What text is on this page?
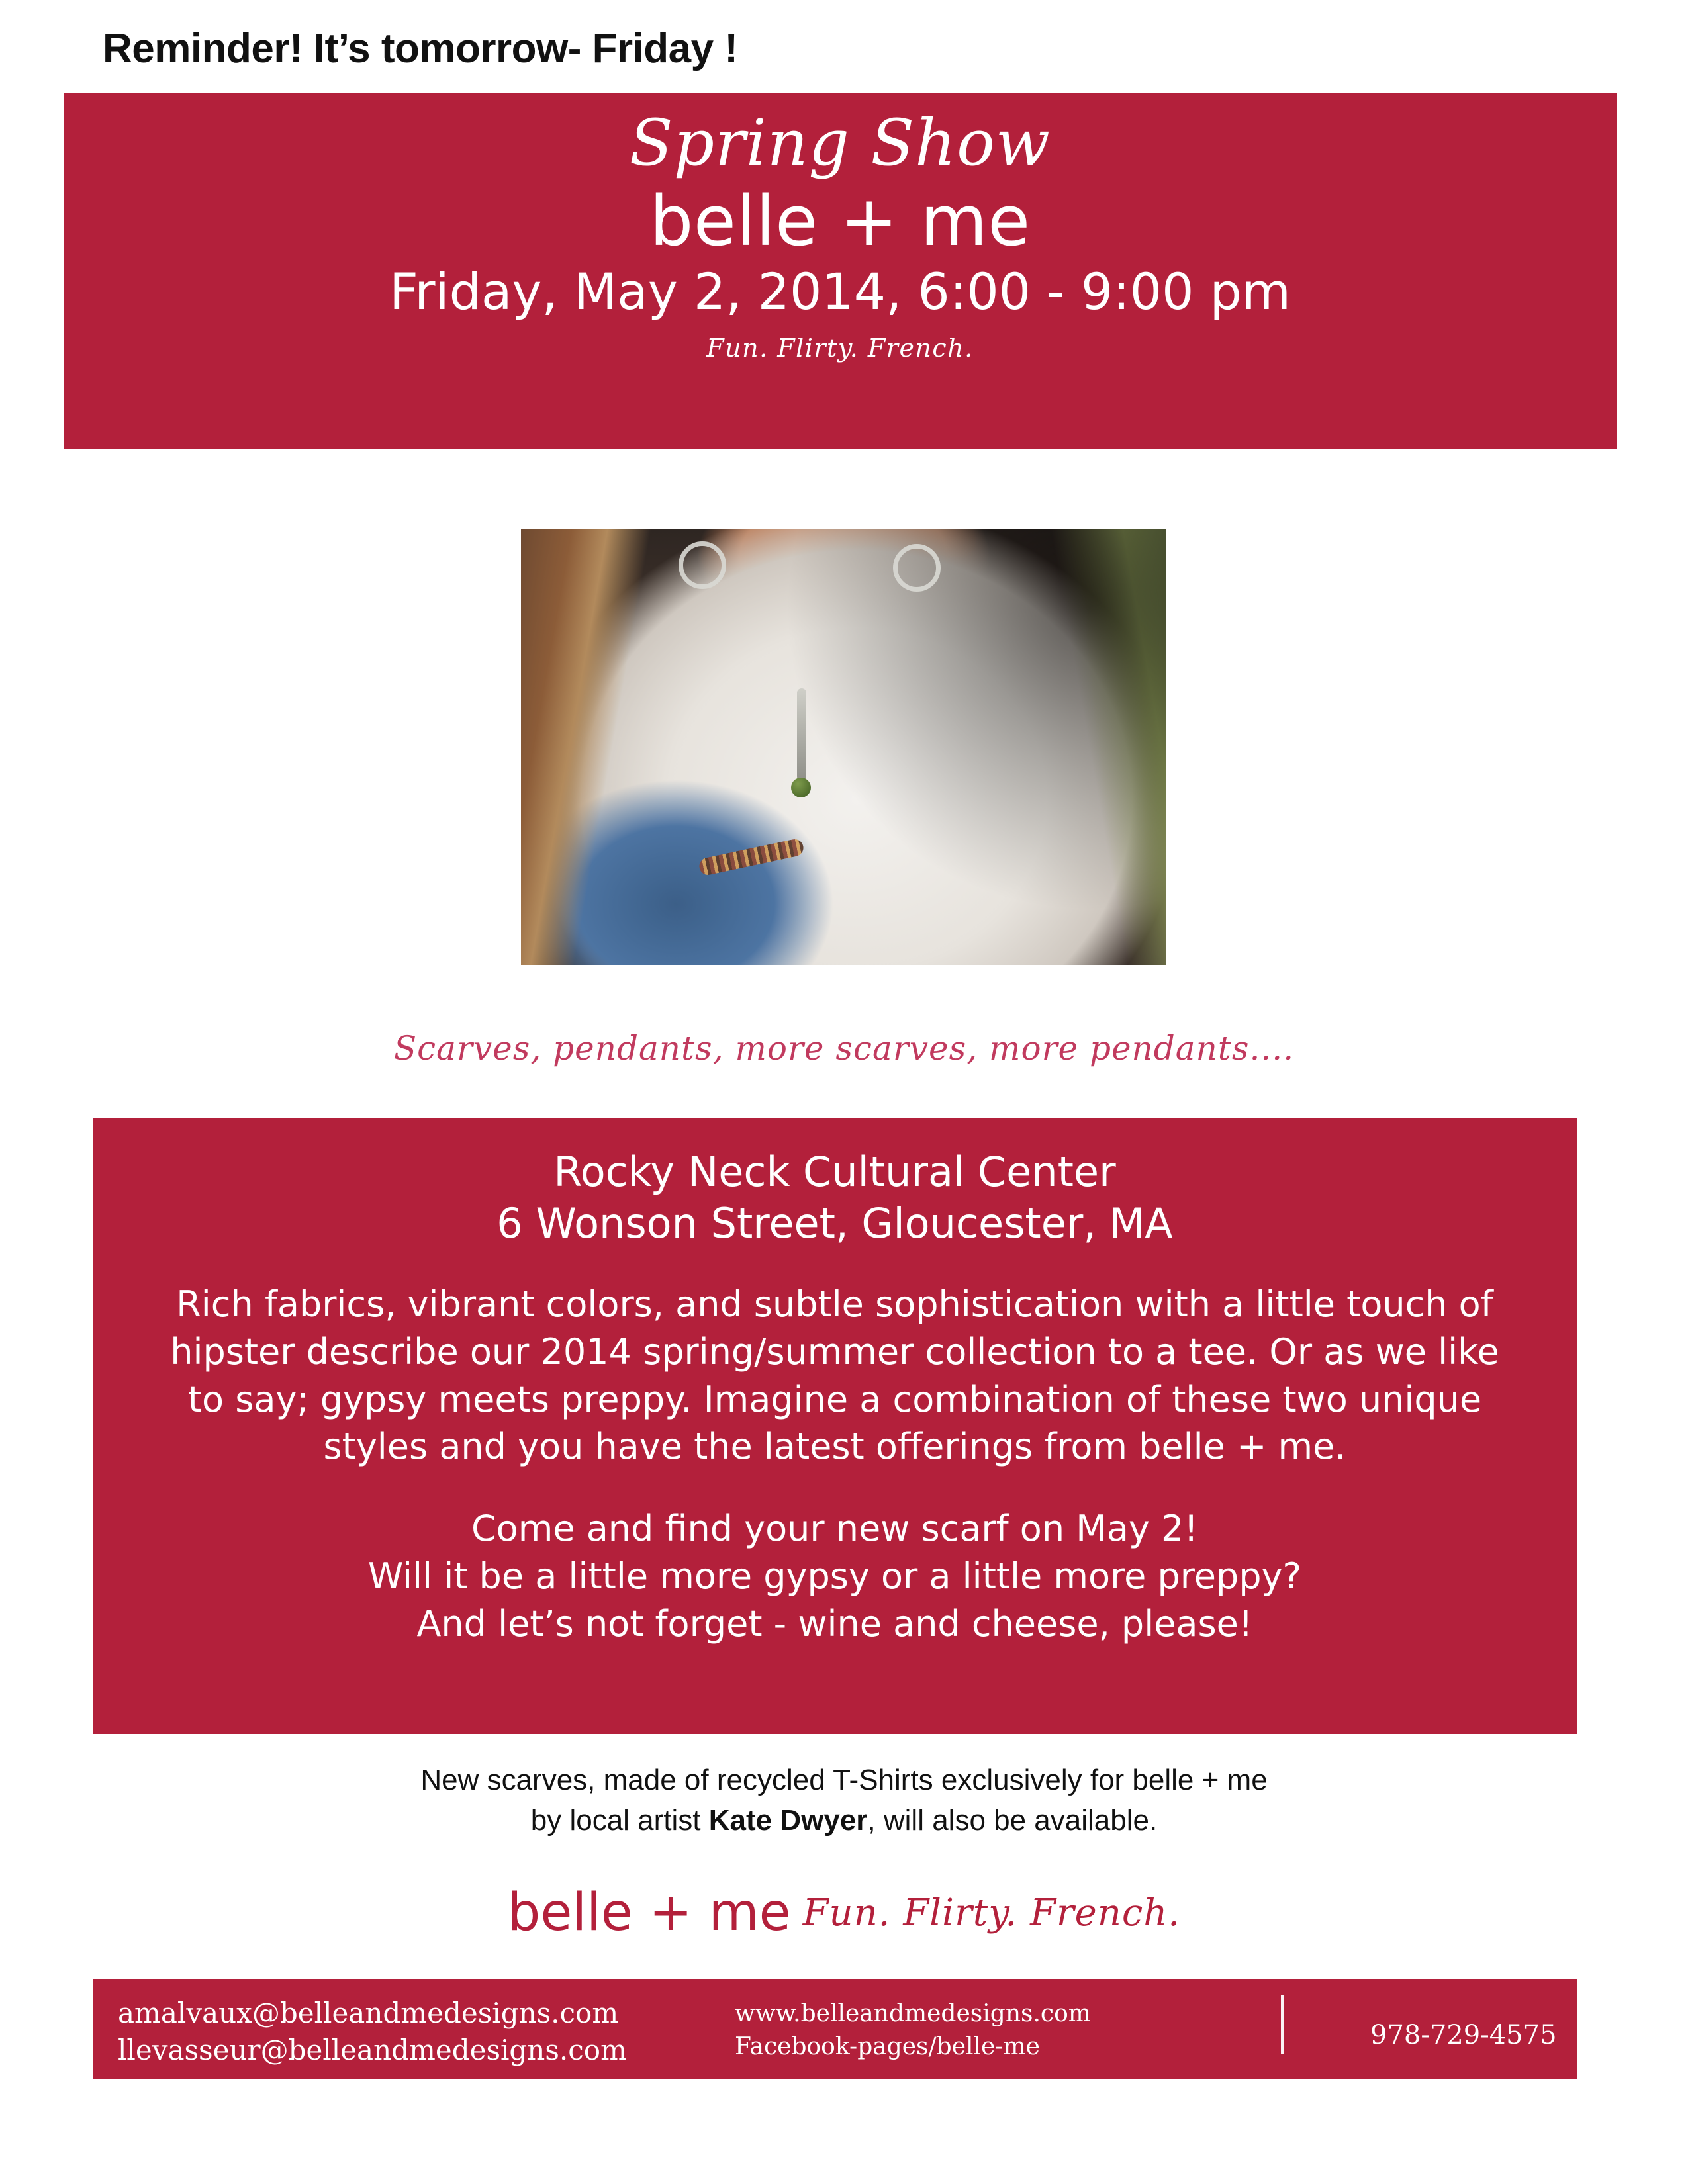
Reminder! It’s tomorrow- Friday !
Spring Show
belle + me
Friday, May 2, 2014, 6:00 - 9:00 pm
Fun. Flirty. French.
Scarves, pendants, more scarves, more pendants....
Rocky Neck Cultural Center
6 Wonson Street, Gloucester, MA
Rich fabrics, vibrant colors, and subtle sophistication with a little touch of hipster describe our 2014 spring/summer collection to a tee. Or as we like to say; gypsy meets preppy. Imagine a combination of these two unique styles and you have the latest offerings from belle + me.
Come and find your new scarf on May 2!
Will it be a little more gypsy or a little more preppy?
And let’s not forget - wine and cheese, please!
New scarves, made of recycled T-Shirts exclusively for belle + me
by local artist Kate Dwyer, will also be available.
belle + me Fun. Flirty. French.
amalvaux@belleandmedesigns.com
llevasseur@belleandmedesigns.com
www.belleandmedesigns.com
Facebook-pages/belle-me	978-729-4575
